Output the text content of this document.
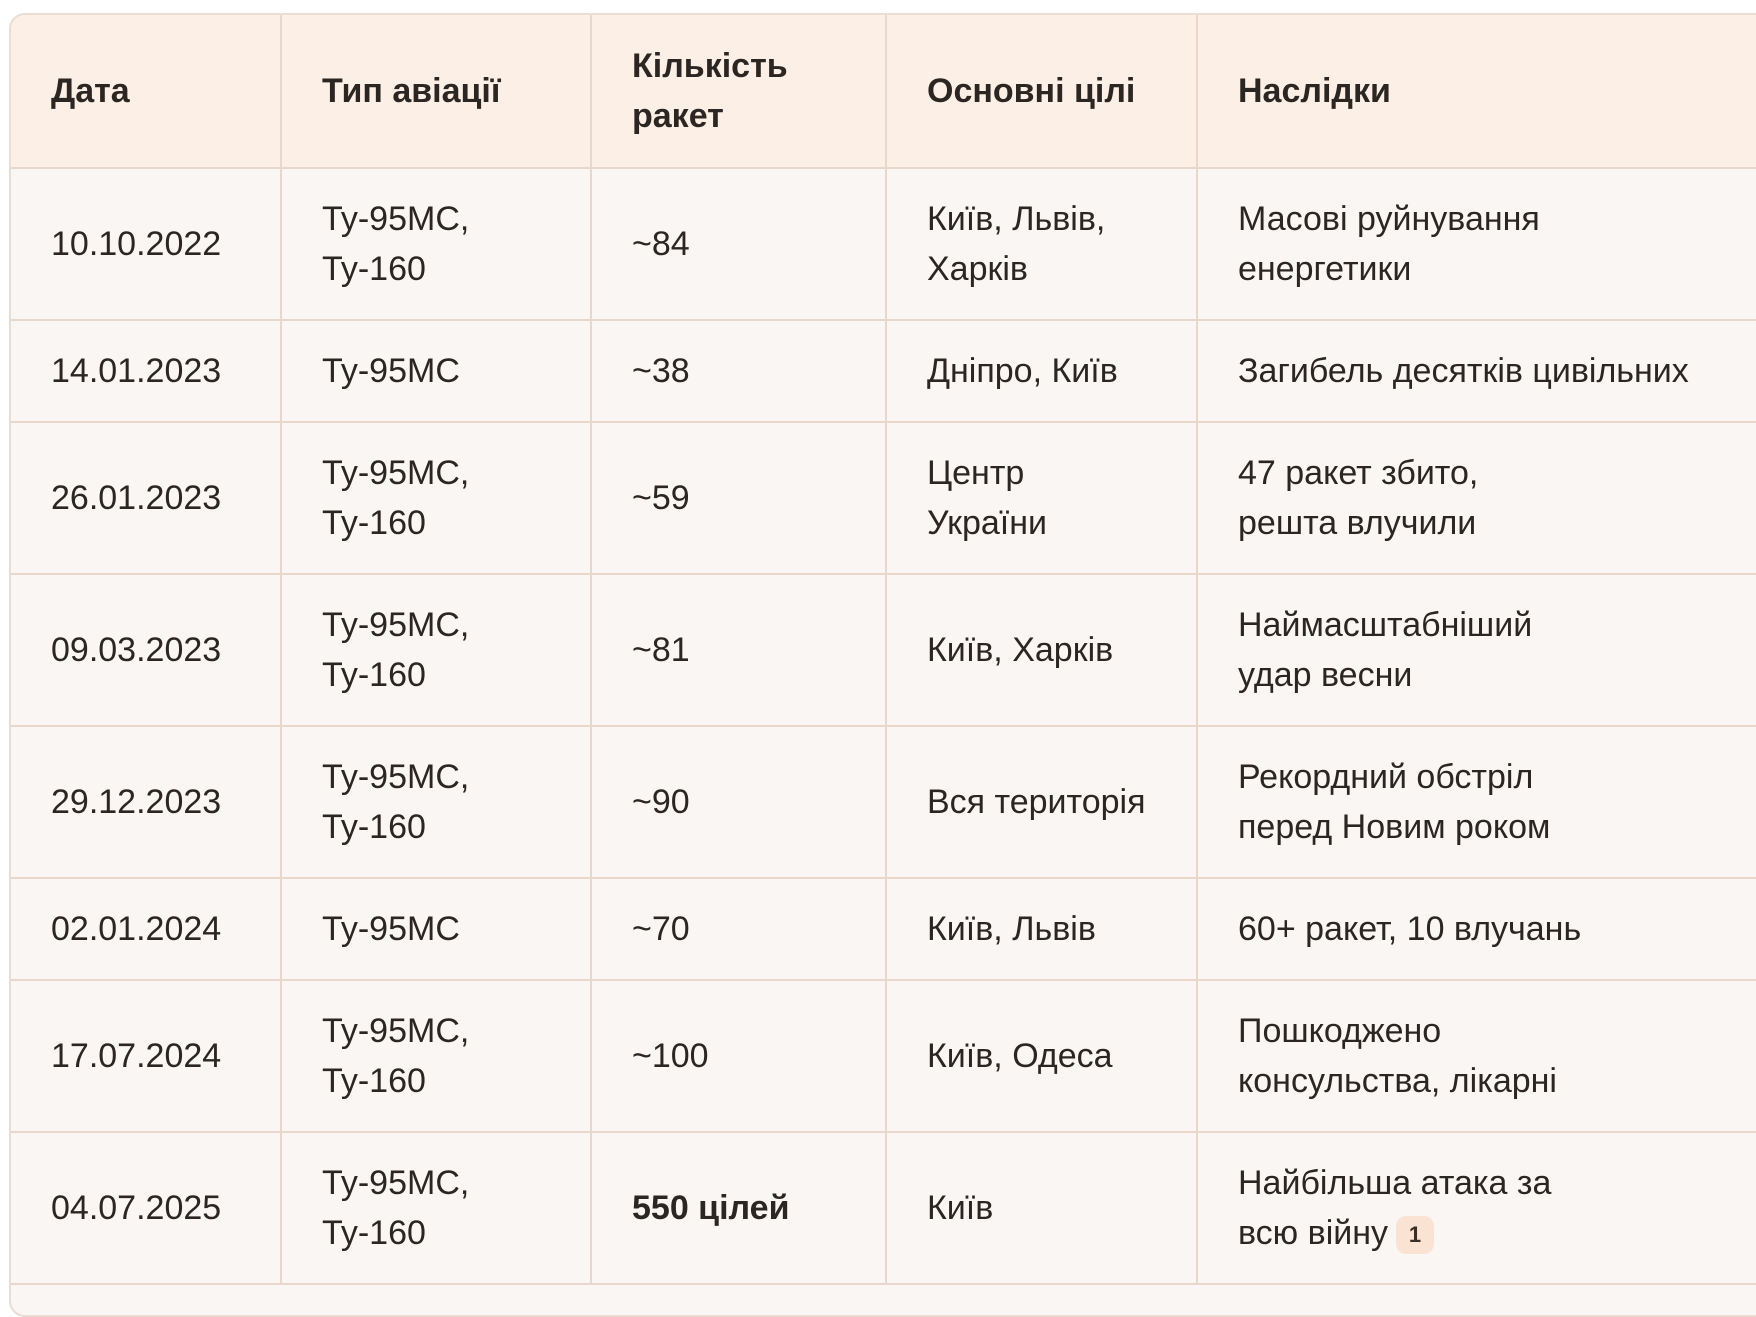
Дата	Тип авіації	Кількість ракет	Основні цілі	Наслідки
10.10.2022	Ту-95МС, Ту-160	~84	Київ, Львів, Харків	Масові руйнування енергетики
14.01.2023	Ту-95МС	~38	Дніпро, Київ	Загибель десятків цивільних
26.01.2023	Ту-95МС, Ту-160	~59	Центр України	47 ракет збито, решта влучили
09.03.2023	Ту-95МС, Ту-160	~81	Київ, Харків	Наймасштабніший удар весни
29.12.2023	Ту-95МС, Ту-160	~90	Вся територія	Рекордний обстріл перед Новим роком
02.01.2024	Ту-95МС	~70	Київ, Львів	60+ ракет, 10 влучань
17.07.2024	Ту-95МС, Ту-160	~100	Київ, Одеса	Пошкоджено консульства, лікарні
04.07.2025	Ту-95МС, Ту-160	550 цілей	Київ	Найбільша атака за всю війну 1
